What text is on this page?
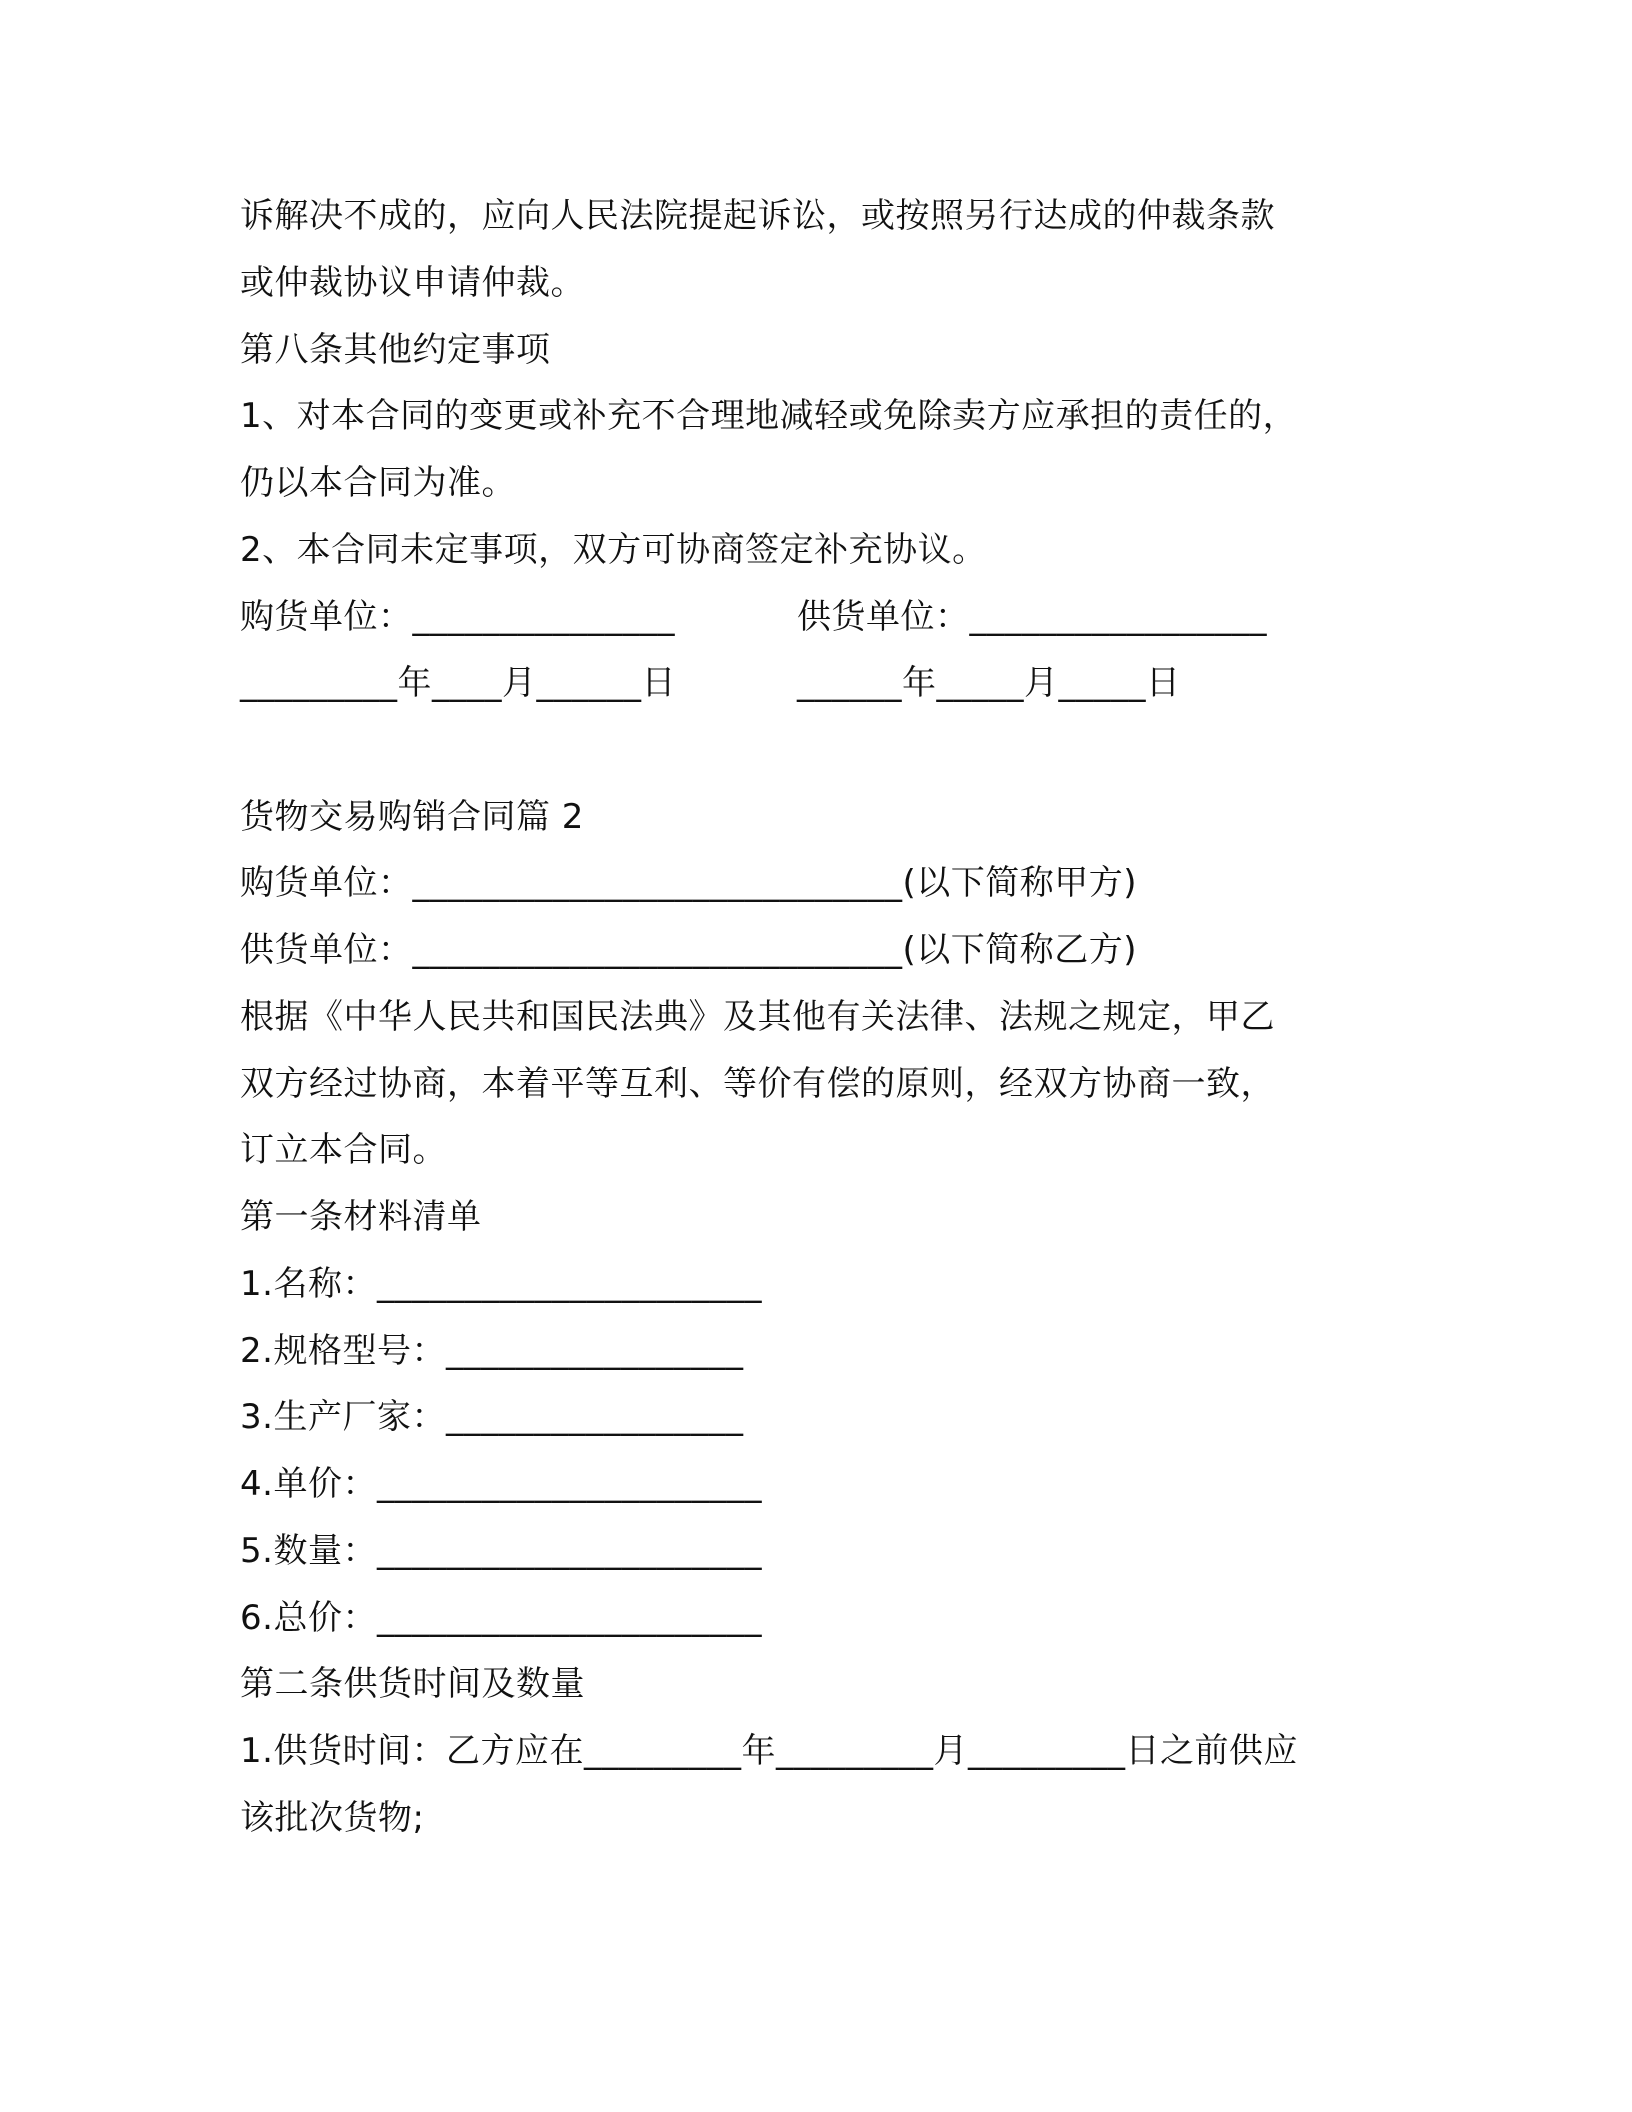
诉解决不成的，应向人民法院提起诉讼，或按照另行达成的仲裁条款
或仲裁协议申请仲裁。
第八条其他约定事项
1、对本合同的变更或补充不合理地减轻或免除卖方应承担的责任的，
仍以本合同为准。
2、本合同未定事项，双方可协商签定补充协议。
购货单位：_______________	供货单位：_________________
_________年____月______日	______年_____月_____日
货物交易购销合同篇 2
购货单位：____________________________(以下简称甲方)
供货单位：____________________________(以下简称乙方)
根据《中华人民共和国民法典》及其他有关法律、法规之规定，甲乙
双方经过协商，本着平等互利、等价有偿的原则，经双方协商一致，
订立本合同。
第一条材料清单
1.名称：______________________
2.规格型号：_________________
3.生产厂家：_________________
4.单价：______________________
5.数量：______________________
6.总价：______________________
第二条供货时间及数量
1.供货时间：乙方应在_________年_________月_________日之前供应
该批次货物;
